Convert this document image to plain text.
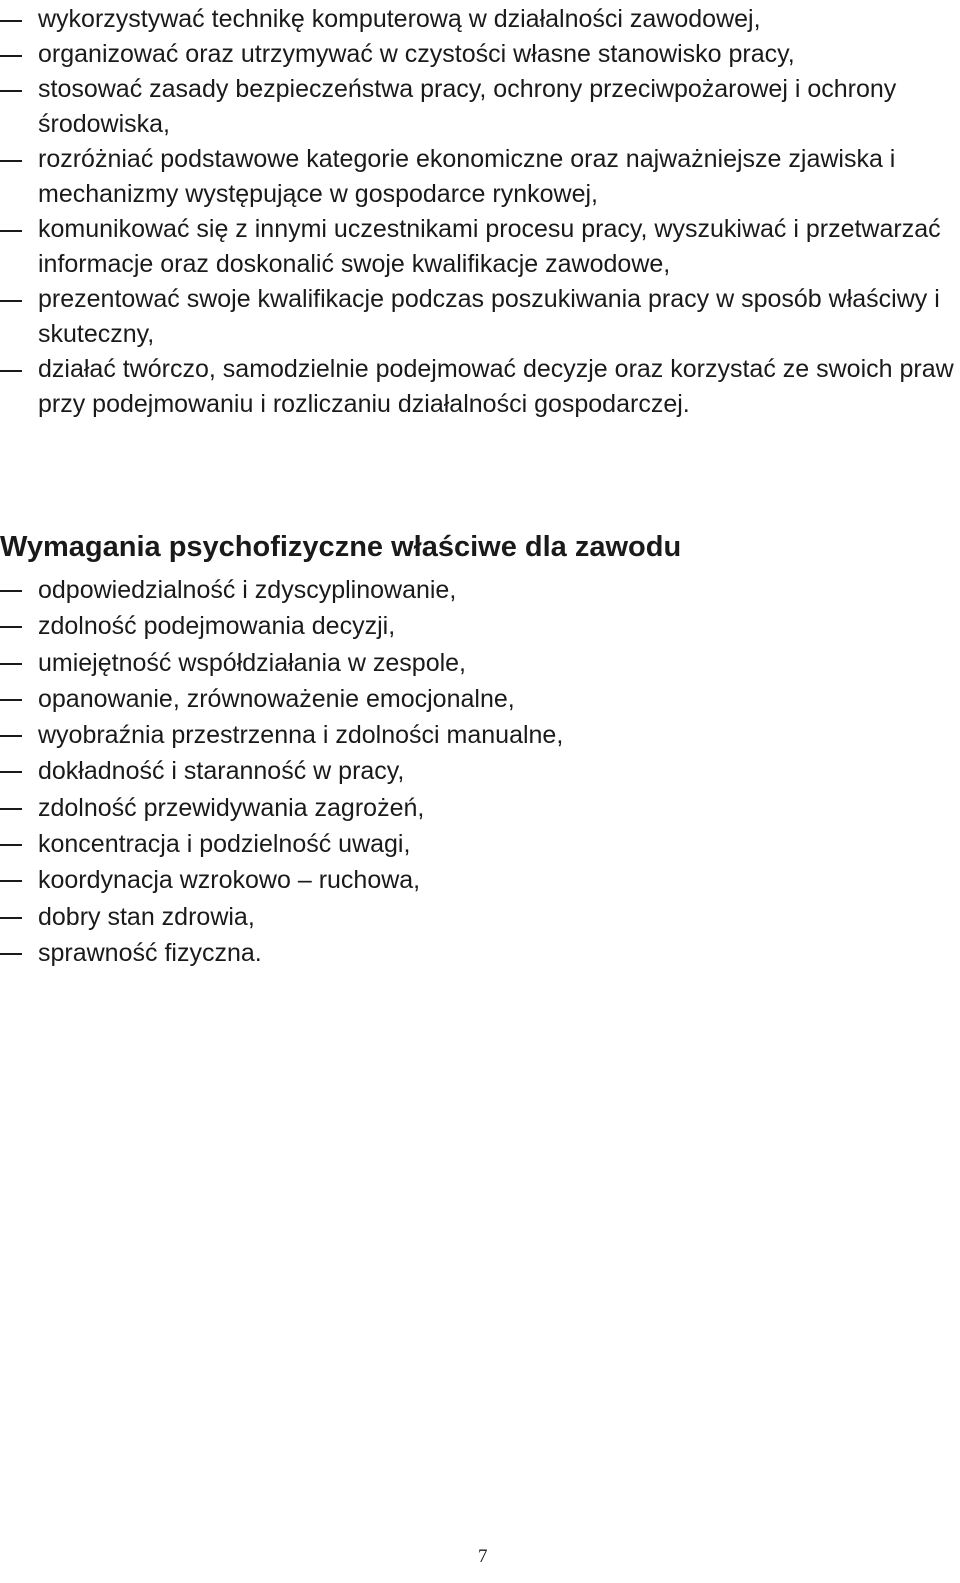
wykorzystywać technikę komputerową w działalności zawodowej,
organizować oraz utrzymywać w czystości własne stanowisko pracy,
stosować zasady bezpieczeństwa pracy, ochrony przeciwpożarowej i ochrony środowiska,
rozróżniać podstawowe kategorie ekonomiczne oraz najważniejsze zjawiska i mechanizmy występujące w gospodarce rynkowej,
komunikować się z innymi uczestnikami procesu pracy, wyszukiwać i przetwarzać informacje oraz doskonalić swoje kwalifikacje zawodowe,
prezentować swoje kwalifikacje podczas poszukiwania pracy w sposób właściwy i skuteczny,
działać twórczo, samodzielnie podejmować decyzje oraz korzystać ze swoich praw przy podejmowaniu i rozliczaniu działalności gospodarczej.
Wymagania psychofizyczne właściwe dla zawodu
odpowiedzialność i zdyscyplinowanie,
zdolność podejmowania decyzji,
umiejętność współdziałania w zespole,
opanowanie, zrównoważenie emocjonalne,
wyobraźnia przestrzenna i zdolności manualne,
dokładność i staranność w pracy,
zdolność przewidywania zagrożeń,
koncentracja i podzielność uwagi,
koordynacja wzrokowo – ruchowa,
dobry stan zdrowia,
sprawność fizyczna.
7
